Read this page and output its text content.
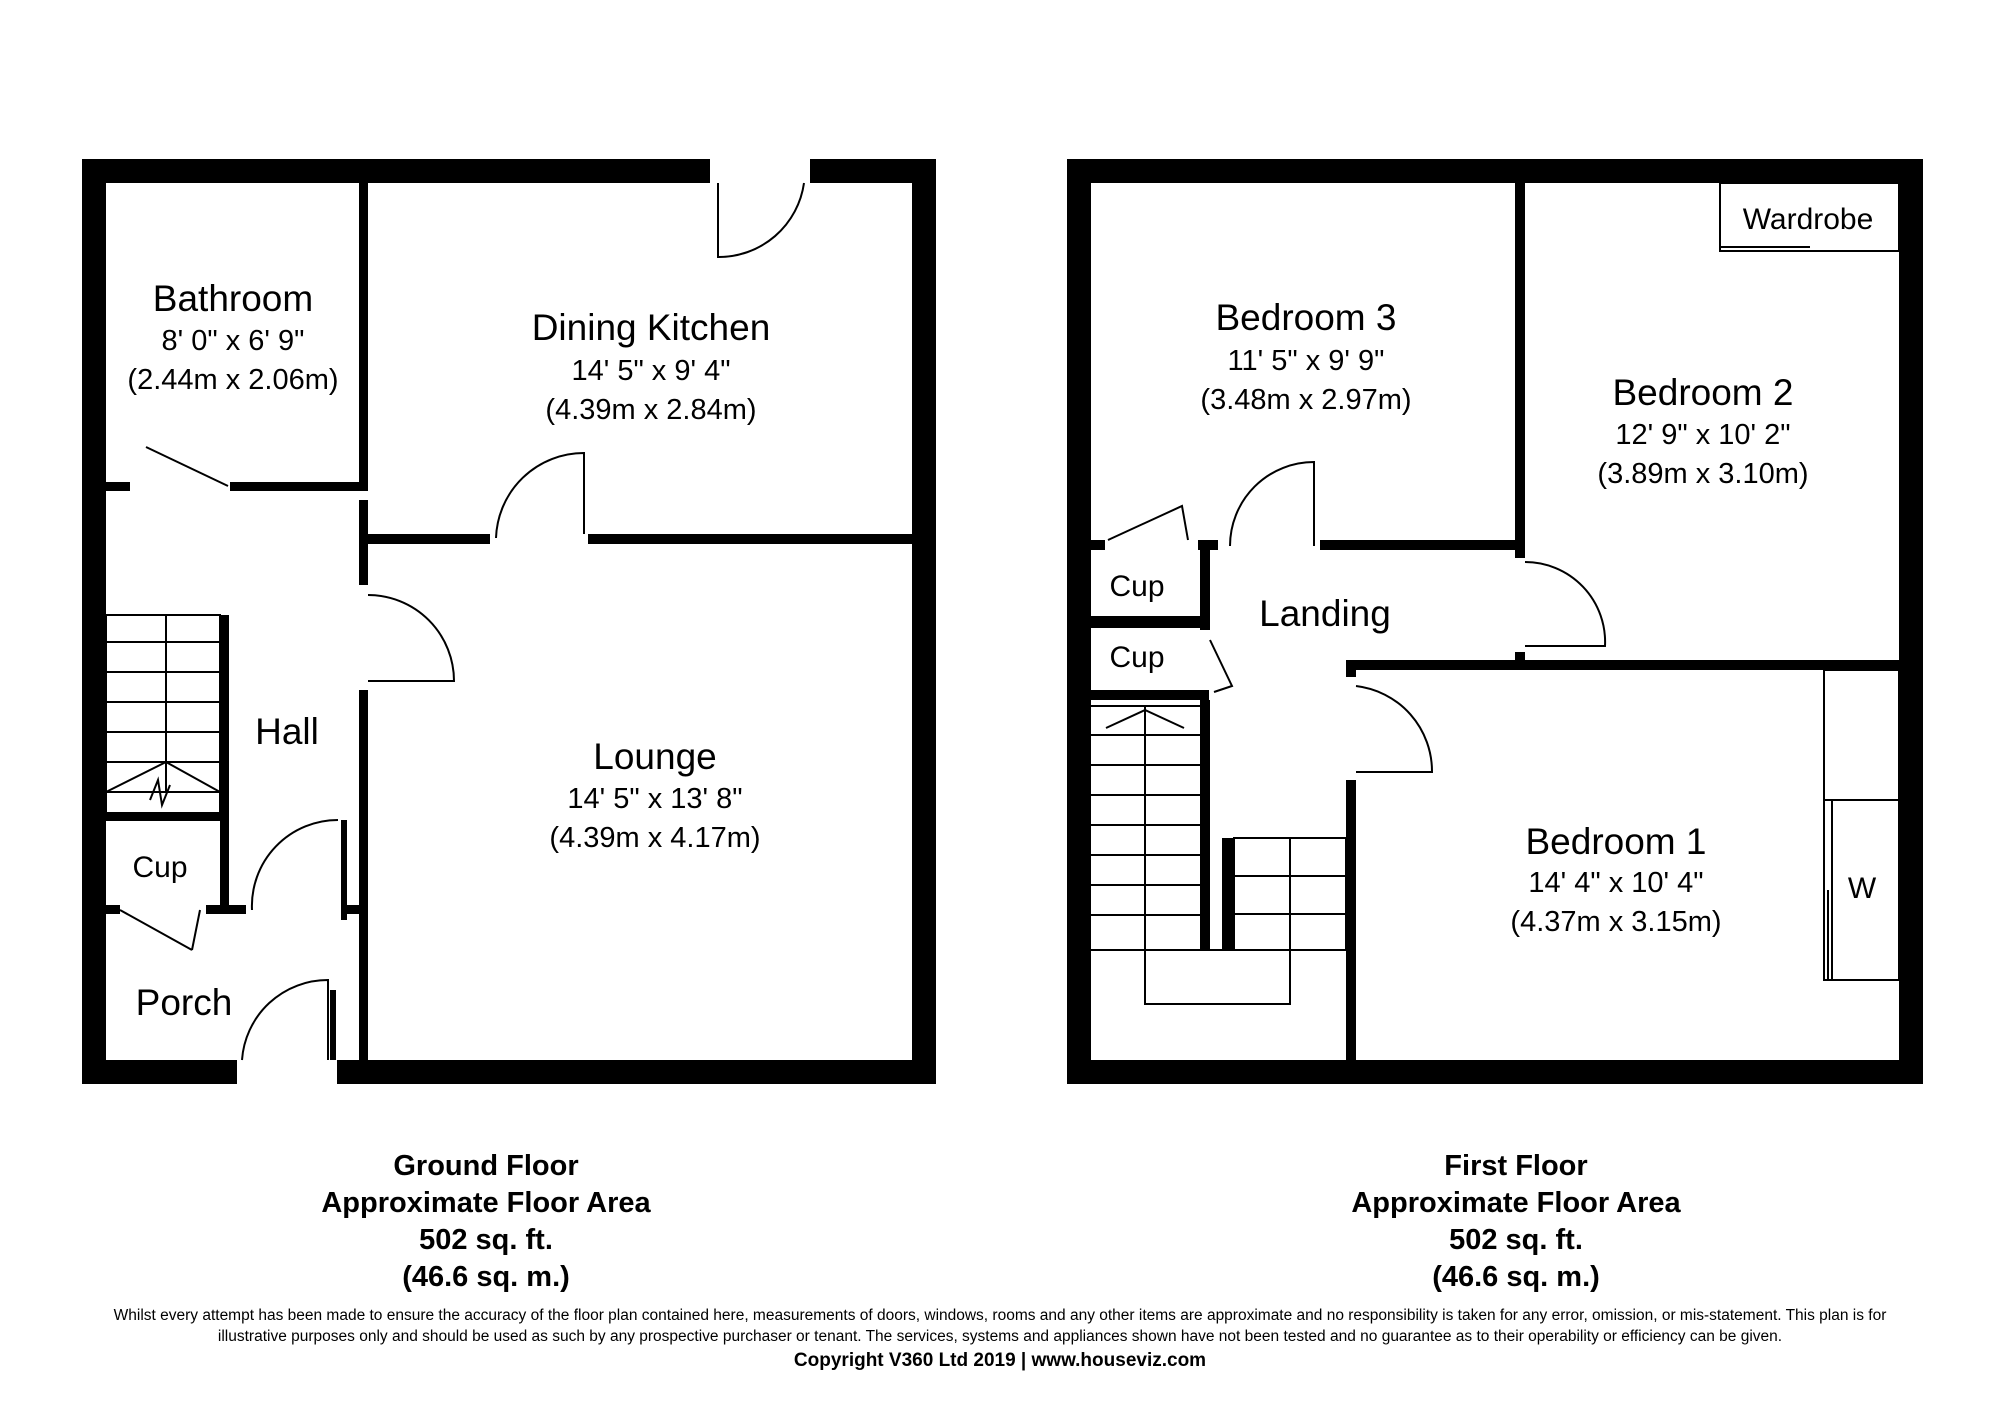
Bathroom
8' 0" x 6' 9"
(2.44m x 2.06m)
Dining Kitchen
14' 5" x 9' 4"
(4.39m x 2.84m)
Lounge
14' 5" x 13' 8"
(4.39m x 4.17m)
Hall
Cup
Porch
Bedroom 3
11' 5" x 9' 9"
(3.48m x 2.97m)	Bedroom 2
12' 9" x 10' 2"
(3.89m x 3.10m)
Bedroom 1
14' 4" x 10' 4"
(4.37m x 3.15m)
Landing
Cup
Cup
Wardrobe
W
Ground Floor
Approximate Floor Area
502 sq. ft.
(46.6 sq. m.)
First Floor
Approximate Floor Area
502 sq. ft.
(46.6 sq. m.)
Whilst every attempt has been made to ensure the accuracy of the floor plan contained here, measurements of doors, windows, rooms and any other items are approximate and no responsibility is taken for any error, omission, or mis-statement. This plan is for
illustrative purposes only and should be used as such by any prospective purchaser or tenant. The services, systems and appliances shown have not been tested and no guarantee as to their operability or efficiency can be given.
Copyright V360 Ltd 2019 | www.houseviz.com
